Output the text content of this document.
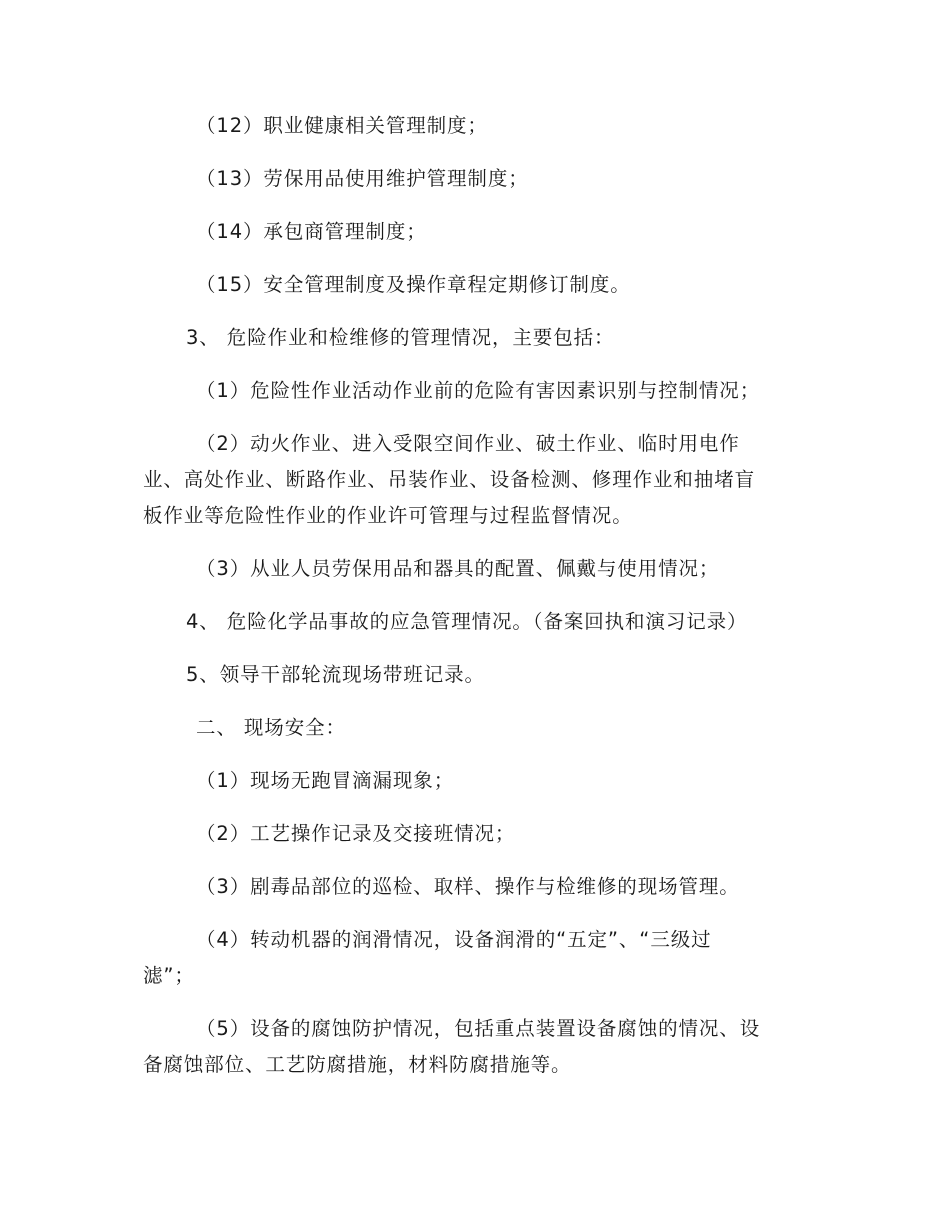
（12）职业健康相关管理制度；
（13）劳保用品使用维护管理制度；
（14）承包商管理制度；
（15）安全管理制度及操作章程定期修订制度。
3、 危险作业和检维修的管理情况，主要包括：
（1）危险性作业活动作业前的危险有害因素识别与控制情况；
（2）动火作业、进入受限空间作业、破土作业、临时用电作
业、高处作业、断路作业、吊装作业、设备检测、修理作业和抽堵盲
板作业等危险性作业的作业许可管理与过程监督情况。
（3）从业人员劳保用品和器具的配置、佩戴与使用情况；
4、 危险化学品事故的应急管理情况。（备案回执和演习记录）
5、领导干部轮流现场带班记录。
二、 现场安全：
（1）现场无跑冒滴漏现象；
（2）工艺操作记录及交接班情况；
（3）剧毒品部位的巡检、取样、操作与检维修的现场管理。
（4）转动机器的润滑情况，设备润滑的“五定”、“三级过
滤”；
（5）设备的腐蚀防护情况，包括重点装置设备腐蚀的情况、设
备腐蚀部位、工艺防腐措施，材料防腐措施等。
